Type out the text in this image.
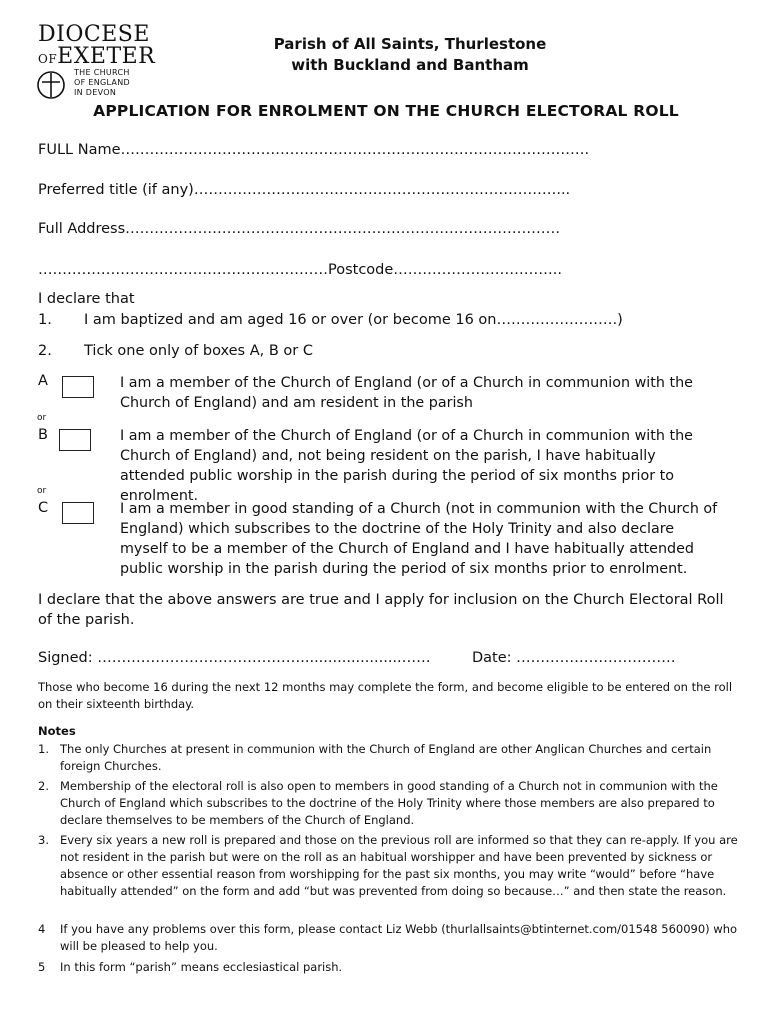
DIOCESE
OFEXETER
THE CHURCH
OF ENGLAND
IN DEVON
Parish of All Saints, Thurlestone
with Buckland and Bantham
APPLICATION FOR ENROLMENT ON THE CHURCH ELECTORAL ROLL
FULL Name…………………………………………………………………………………….
Preferred title (if any)…………………………………………………………………...
Full Address………………………………………………………………………………
……………………………………………………Postcode……………………………..
I declare that
1. I am baptized and am aged 16 or over (or become 16 on…………………….)
2. Tick one only of boxes A, B or C
A	I am a member of the Church of England (or of a Church in communion with the Church of England) and am resident in the parish
or
B	I am a member of the Church of England (or of a Church in communion with the Church of England) and, not being resident on the parish, I have habitually attended public worship in the parish during the period of six months prior to enrolment.
or
C	I am a member in good standing of a Church (not in communion with the Church of England) which subscribes to the doctrine of the Holy Trinity and also declare myself to be a member of the Church of England and I have habitually attended public worship in the parish during the period of six months prior to enrolment.
I declare that the above answers are true and I apply for inclusion on the Church Electoral Roll of the parish.
Signed: ……………………………………......................……	Date: ……………………………
Those who become 16 during the next 12 months may complete the form, and become eligible to be entered on the roll on their sixteenth birthday.
Notes
1. The only Churches at present in communion with the Church of England are other Anglican Churches and certain foreign Churches.
2. Membership of the electoral roll is also open to members in good standing of a Church not in communion with the Church of England which subscribes to the doctrine of the Holy Trinity where those members are also prepared to declare themselves to be members of the Church of England.
3. Every six years a new roll is prepared and those on the previous roll are informed so that they can re-apply. If you are not resident in the parish but were on the roll as an habitual worshipper and have been prevented by sickness or absence or other essential reason from worshipping for the past six months, you may write “would” before “have habitually attended” on the form and add “but was prevented from doing so because…” and then state the reason.
4 If you have any problems over this form, please contact Liz Webb (thurlallsaints@btinternet.com/01548 560090) who will be pleased to help you.
5 In this form “parish” means ecclesiastical parish.
